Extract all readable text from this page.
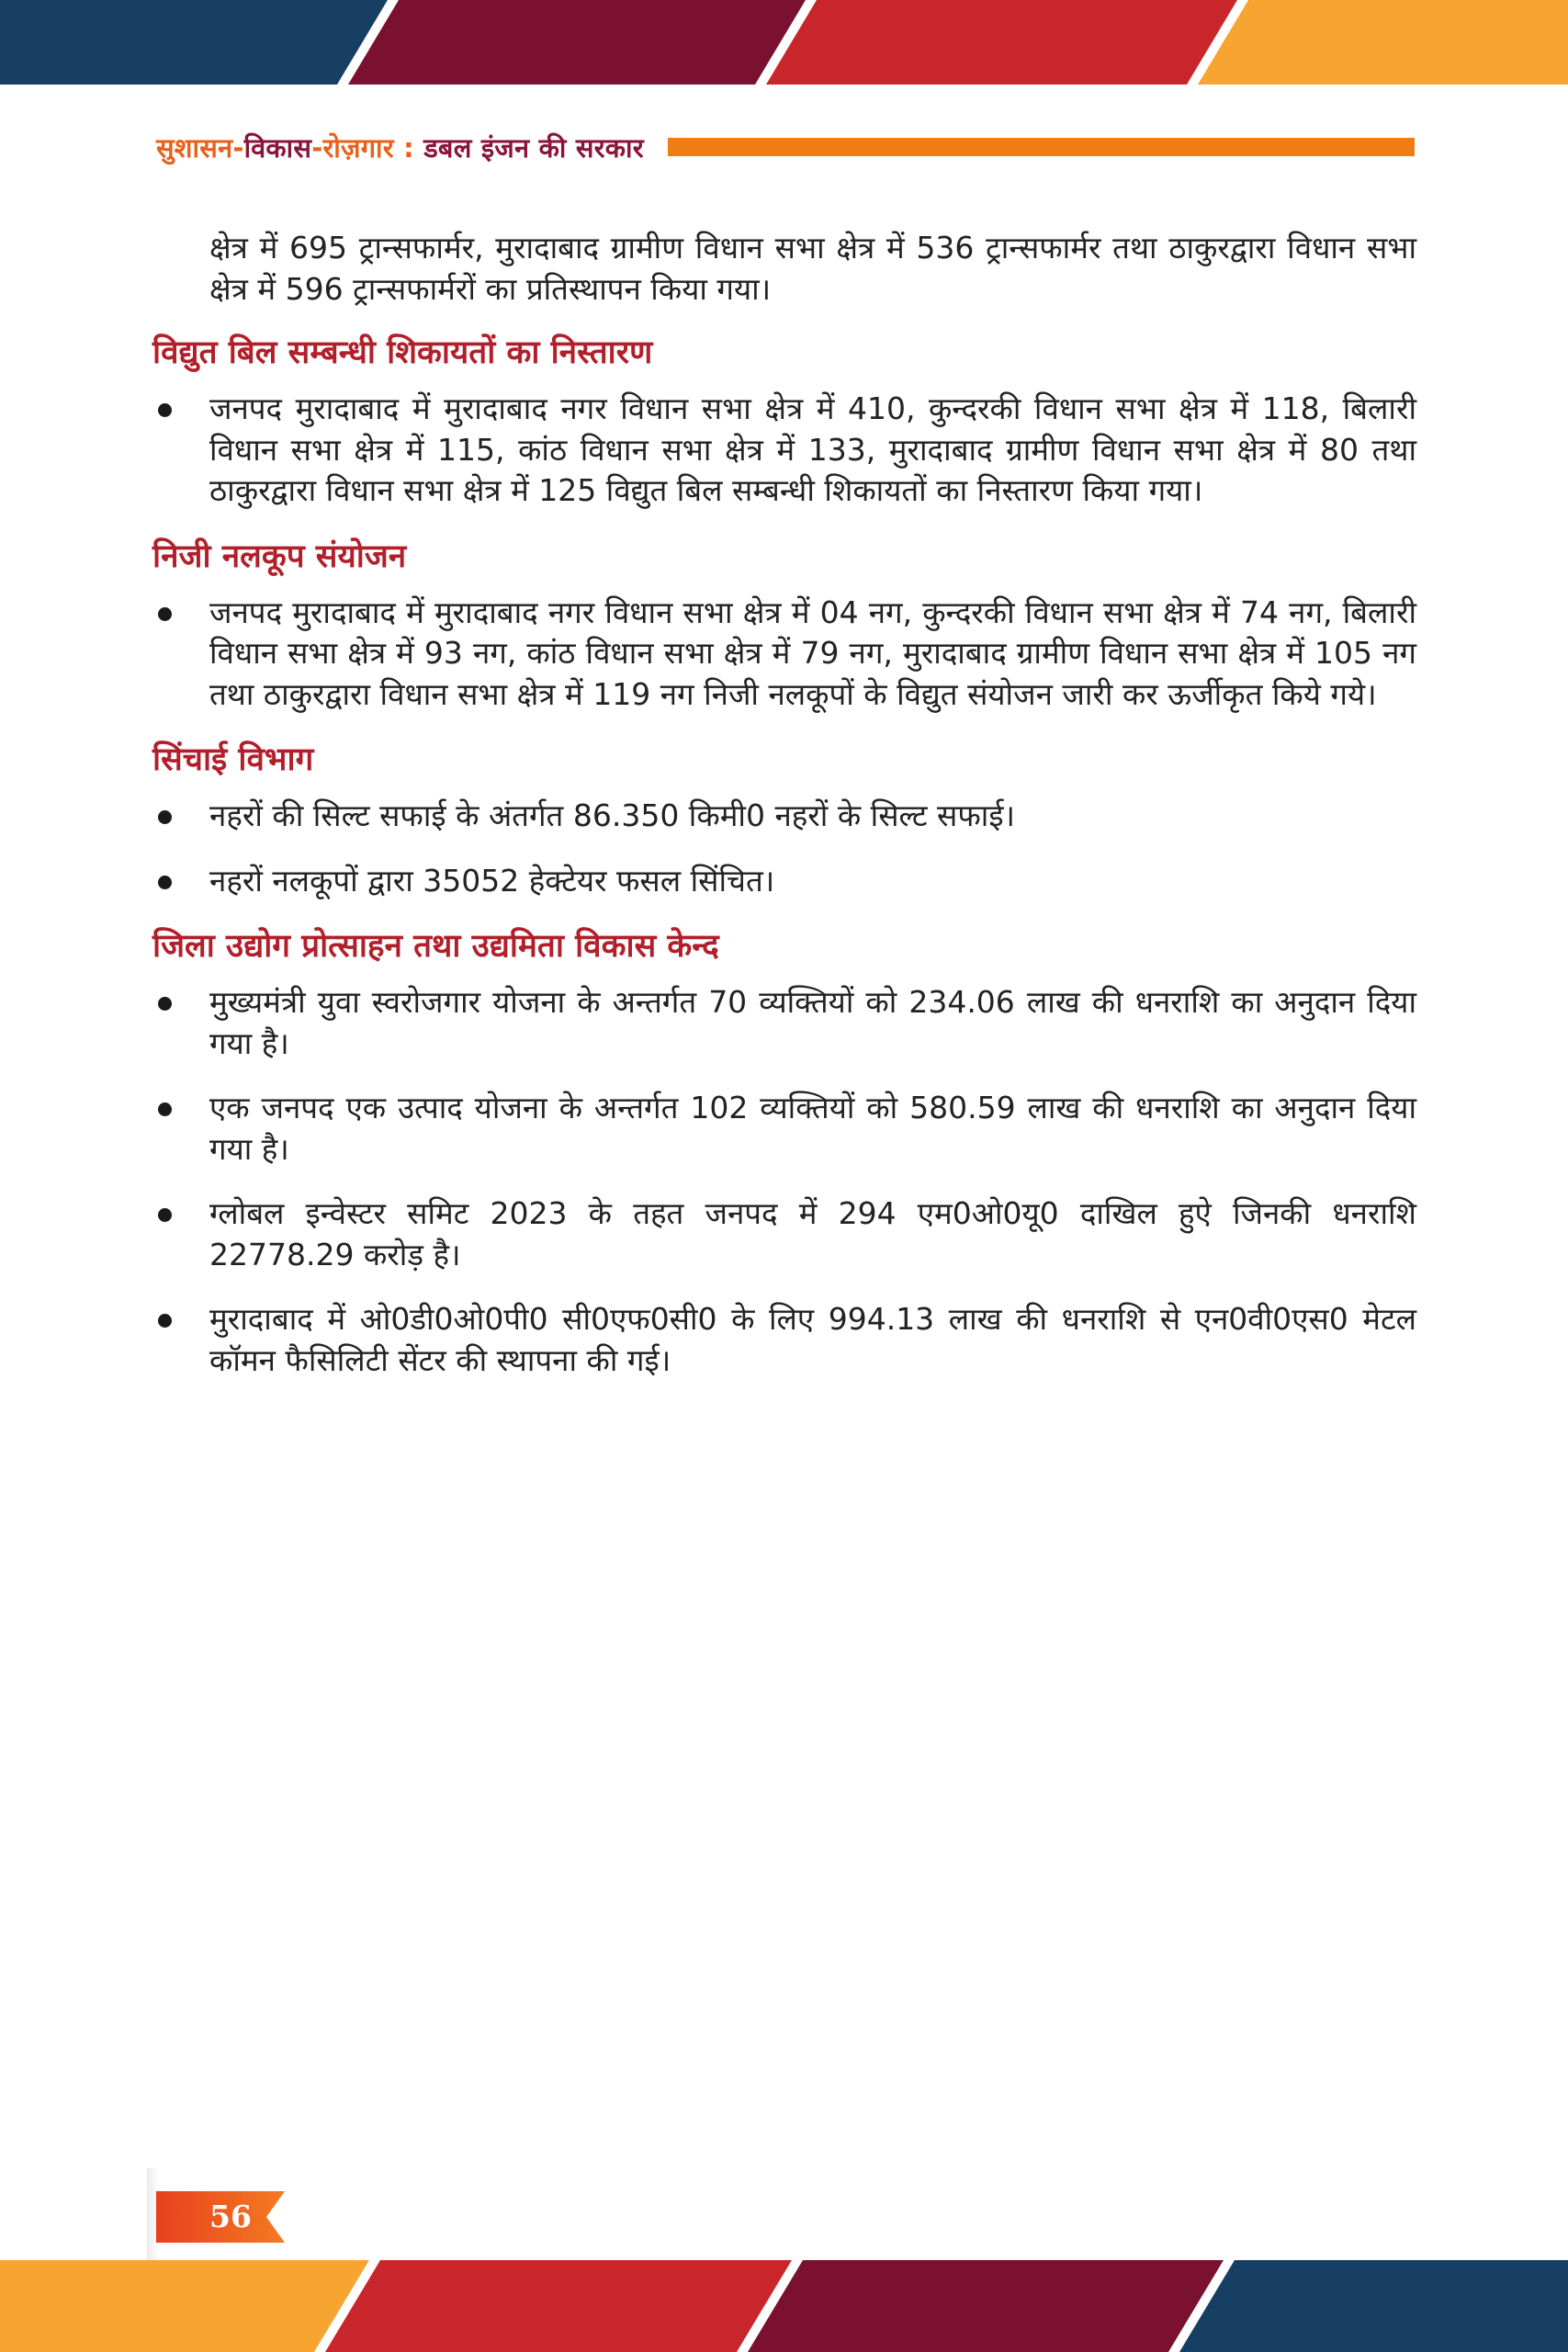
सुशासन-विकास-रोज़गार : डबल इंजन की सरकार

क्षेत्र में 695 ट्रान्सफार्मर, मुरादाबाद ग्रामीण विधान सभा क्षेत्र में 536 ट्रान्सफार्मर तथा ठाकुरद्वारा विधान सभा क्षेत्र में 596 ट्रान्सफार्मरों का प्रतिस्थापन किया गया।

विद्युत बिल सम्बन्धी शिकायतों का निस्तारण
जनपद मुरादाबाद में मुरादाबाद नगर विधान सभा क्षेत्र में 410, कुन्दरकी विधान सभा क्षेत्र में 118, बिलारी विधान सभा क्षेत्र में 115, कांठ विधान सभा क्षेत्र में 133, मुरादाबाद ग्रामीण विधान सभा क्षेत्र में 80 तथा ठाकुरद्वारा विधान सभा क्षेत्र में 125 विद्युत बिल सम्बन्धी शिकायतों का निस्तारण किया गया।
निजी नलकूप संयोजन
जनपद मुरादाबाद में मुरादाबाद नगर विधान सभा क्षेत्र में 04 नग, कुन्दरकी विधान सभा क्षेत्र में 74 नग, बिलारी विधान सभा क्षेत्र में 93 नग, कांठ विधान सभा क्षेत्र में 79 नग, मुरादाबाद ग्रामीण विधान सभा क्षेत्र में 105 नग तथा ठाकुरद्वारा विधान सभा क्षेत्र में 119 नग निजी नलकूपों के विद्युत संयोजन जारी कर ऊर्जीकृत किये गये।
सिंचाई विभाग
नहरों की सिल्ट सफाई के अंतर्गत 86.350 किमी0 नहरों के सिल्ट सफाई।
नहरों नलकूपों द्वारा 35052 हेक्टेयर फसल सिंचित।
जिला उद्योग प्रोत्साहन तथा उद्यमिता विकास केन्द
मुख्यमंत्री युवा स्वरोजगार योजना के अन्तर्गत 70 व्यक्तियों को 234.06 लाख की धनराशि का अनुदान दिया गया है।
एक जनपद एक उत्पाद योजना के अन्तर्गत 102 व्यक्तियों को 580.59 लाख की धनराशि का अनुदान दिया गया है।
ग्लोबल इन्वेस्टर समिट 2023 के तहत जनपद में 294 एम0ओ0यू0 दाखिल हुऐ जिनकी धनराशि 22778.29 करोड़ है।
मुरादाबाद में ओ0डी0ओ0पी0 सी0एफ0सी0 के लिए 994.13 लाख की धनराशि से एन0वी0एस0 मेटल कॉमन फैसिलिटी सेंटर की स्थापना की गई।
56
